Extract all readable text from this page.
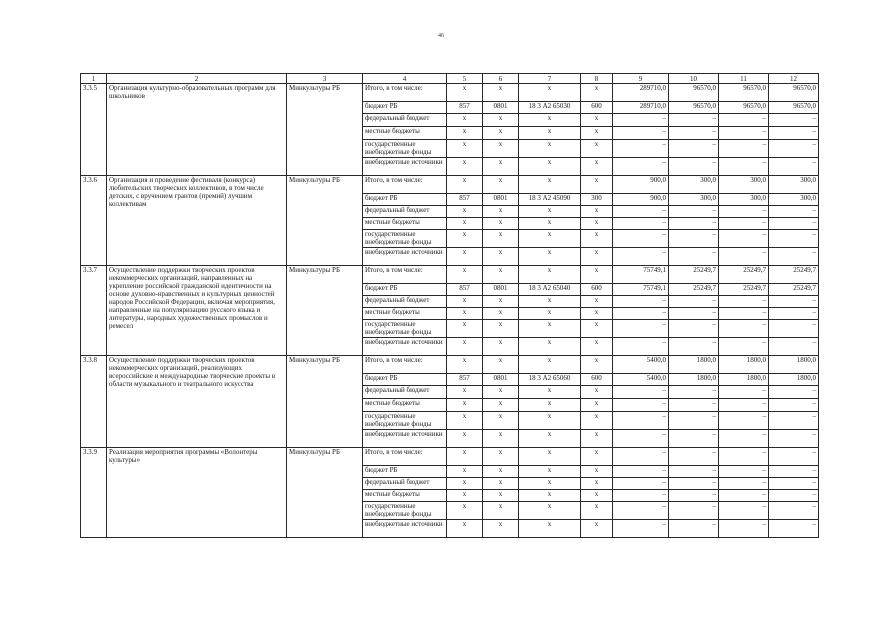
46
1	2	3	4	5	6	7	8	9	10	11	12
3.3.5	Организация культурно-образовательных программ для школьников	Минкультуры РБ	Итого, в том числе:	x	x	x	x	289710,0	96570,0	96570,0	96570,0
			бюджет РБ	857	0801	18 3 А2 65030	600	289710,0	96570,0	96570,0	96570,0
			федеральный бюджет	x	x	x	x	–	–	–	–
			местные бюджеты	x	x	x	x	–	–	–	–
			государственные внебюджетные фонды	x	x	x	x	–	–	–	–
			внебюджетные источники	x	x	x	x	–	–	–	–
3.3.6	Организация и проведение фестиваля (конкурса) любительских творческих коллективов, в том числе детских, с вручением грантов (премий) лучшим коллективам	Минкультуры РБ	Итого, в том числе:	x	x	x	x	900,0	300,0	300,0	300,0
			бюджет РБ	857	0801	18 3 А2 45090	300	900,0	300,0	300,0	300,0
			федеральный бюджет	x	x	x	x	–	–	–	–
			местные бюджеты	x	x	x	x	–	–	–	–
			государственные внебюджетные фонды	x	x	x	x	–	–	–	–
			внебюджетные источники	x	x	x	x	–	–	–	–
3.3.7	Осуществление поддержки творческих проектов некоммерческих организаций, направленных на укрепление российской гражданской идентичности на основе духовно-нравственных и культурных ценностей народов Российской Федерации, включая мероприятия, направленные на популяризацию русского языка и литературы, народных художественных промыслов и ремесел	Минкультуры РБ	Итого, в том числе:	x	x	x	x	75749,1	25249,7	25249,7	25249,7
			бюджет РБ	857	0801	18 3 А2 65040	600	75749,1	25249,7	25249,7	25249,7
			федеральный бюджет	x	x	x	x	–	–	–	–
			местные бюджеты	x	x	x	x	–	–	–	–
			государственные внебюджетные фонды	x	x	x	x	–	–	–	–
			внебюджетные источники	x	x	x	x	–	–	–	–
3.3.8	Осуществление поддержки творческих проектов некоммерческих организаций, реализующих всероссийские и международные творческие проекты в области музыкального и театрального искусства	Минкультуры РБ	Итого, в том числе:	x	x	x	x	5400,0	1800,0	1800,0	1800,0
			бюджет РБ	857	0801	18 3 А2 65060	600	5400,0	1800,0	1800,0	1800,0
			федеральный бюджет	x	x	x	x	–	–	–	–
			местные бюджеты	x	x	x	x	–	–	–	–
			государственные внебюджетные фонды	x	x	x	x	–	–	–	–
			внебюджетные источники	x	x	x	x	–	–	–	–
3.3.9	Реализация мероприятия программы «Волонтеры культуры»	Минкультуры РБ	Итого, в том числе:	x	x	x	x	–	–	–	–
			бюджет РБ	x	x	x	x	–	–	–	–
			федеральный бюджет	x	x	x	x	–	–	–	–
			местные бюджеты	x	x	x	x	–	–	–	–
			государственные внебюджетные фонды	x	x	x	x	–	–	–	–
			внебюджетные источники	x	x	x	x	–	–	–	–
